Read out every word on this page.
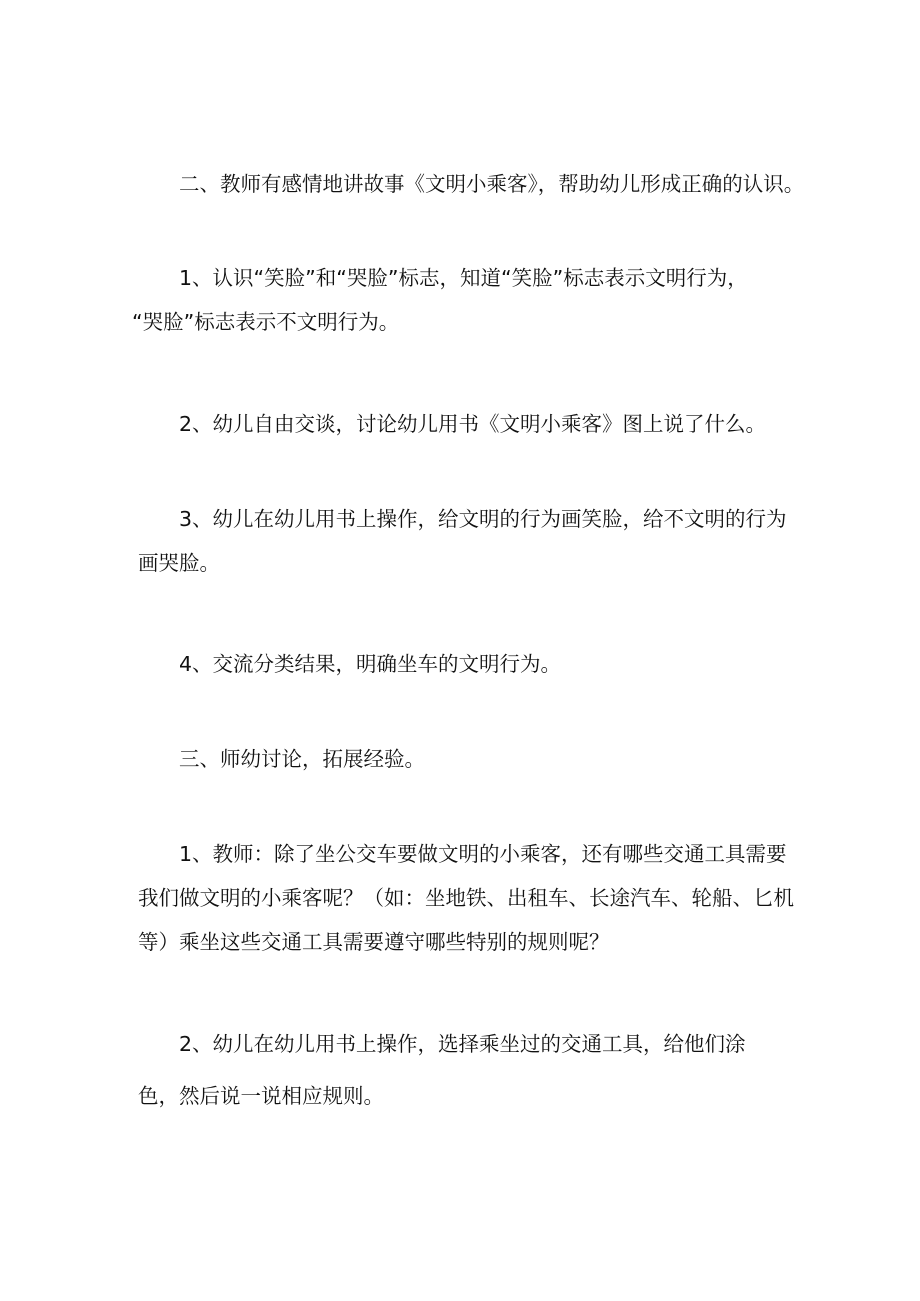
二、教师有感情地讲故事《文明小乘客》，帮助幼儿形成正确的认识。

1、认识“笑脸”和“哭脸”标志，知道“笑脸”标志表示文明行为，
“哭脸”标志表示不文明行为。

2、幼儿自由交谈，讨论幼儿用书《文明小乘客》图上说了什么。

3、幼儿在幼儿用书上操作，给文明的行为画笑脸，给不文明的行为
画哭脸。

4、交流分类结果，明确坐车的文明行为。

三、师幼讨论，拓展经验。

1、教师：除了坐公交车要做文明的小乘客，还有哪些交通工具需要
我们做文明的小乘客呢？（如：坐地铁、出租车、长途汽车、轮船、匕机
等）乘坐这些交通工具需要遵守哪些特别的规则呢？

2、幼儿在幼儿用书上操作，选择乘坐过的交通工具，给他们涂
色，然后说一说相应规则。
